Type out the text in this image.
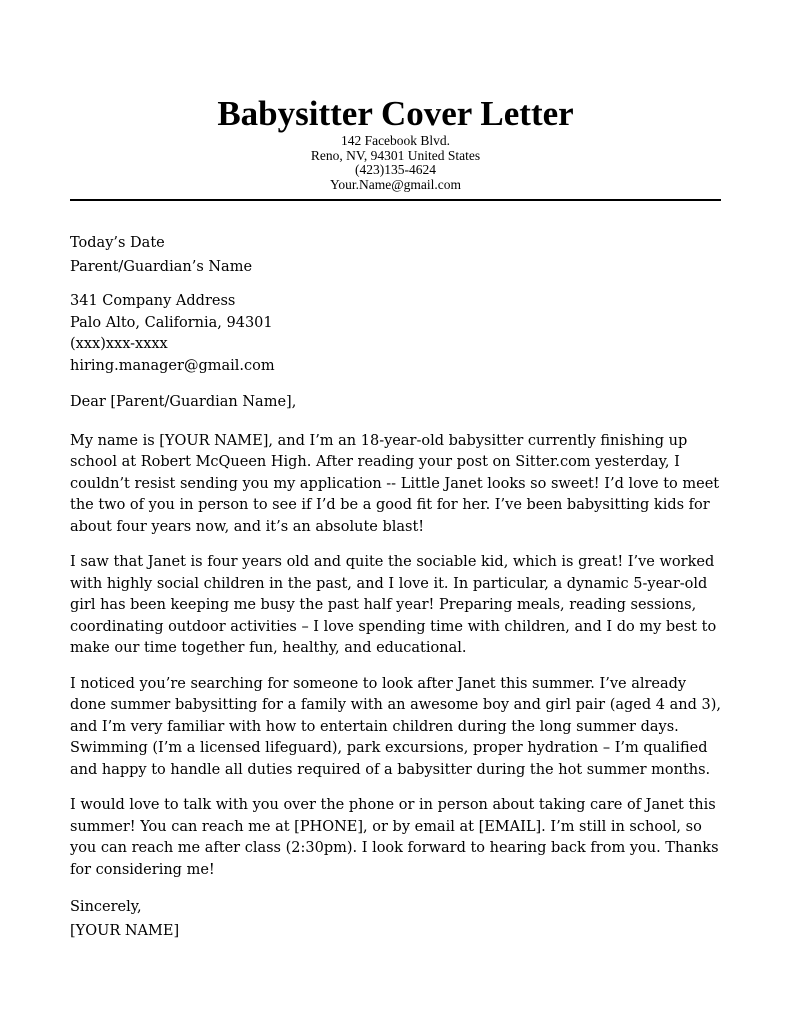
Babysitter Cover Letter
142 Facebook Blvd.
Reno, NV, 94301 United States
(423)135-4624
Your.Name@gmail.com
Today’s Date
Parent/Guardian’s Name
341 Company Address
Palo Alto, California, 94301
(xxx)xxx-xxxx
hiring.manager@gmail.com
Dear [Parent/Guardian Name],
My name is [YOUR NAME], and I’m an 18-year-old babysitter currently finishing up
school at Robert McQueen High. After reading your post on Sitter.com yesterday, I
couldn’t resist sending you my application -- Little Janet looks so sweet! I’d love to meet
the two of you in person to see if I’d be a good fit for her. I’ve been babysitting kids for
about four years now, and it’s an absolute blast!
I saw that Janet is four years old and quite the sociable kid, which is great! I’ve worked
with highly social children in the past, and I love it. In particular, a dynamic 5-year-old
girl has been keeping me busy the past half year! Preparing meals, reading sessions,
coordinating outdoor activities – I love spending time with children, and I do my best to
make our time together fun, healthy, and educational.
I noticed you’re searching for someone to look after Janet this summer. I’ve already
done summer babysitting for a family with an awesome boy and girl pair (aged 4 and 3),
and I’m very familiar with how to entertain children during the long summer days.
Swimming (I’m a licensed lifeguard), park excursions, proper hydration – I’m qualified
and happy to handle all duties required of a babysitter during the hot summer months.
I would love to talk with you over the phone or in person about taking care of Janet this
summer! You can reach me at [PHONE], or by email at [EMAIL]. I’m still in school, so
you can reach me after class (2:30pm). I look forward to hearing back from you. Thanks
for considering me!
Sincerely,
[YOUR NAME]
